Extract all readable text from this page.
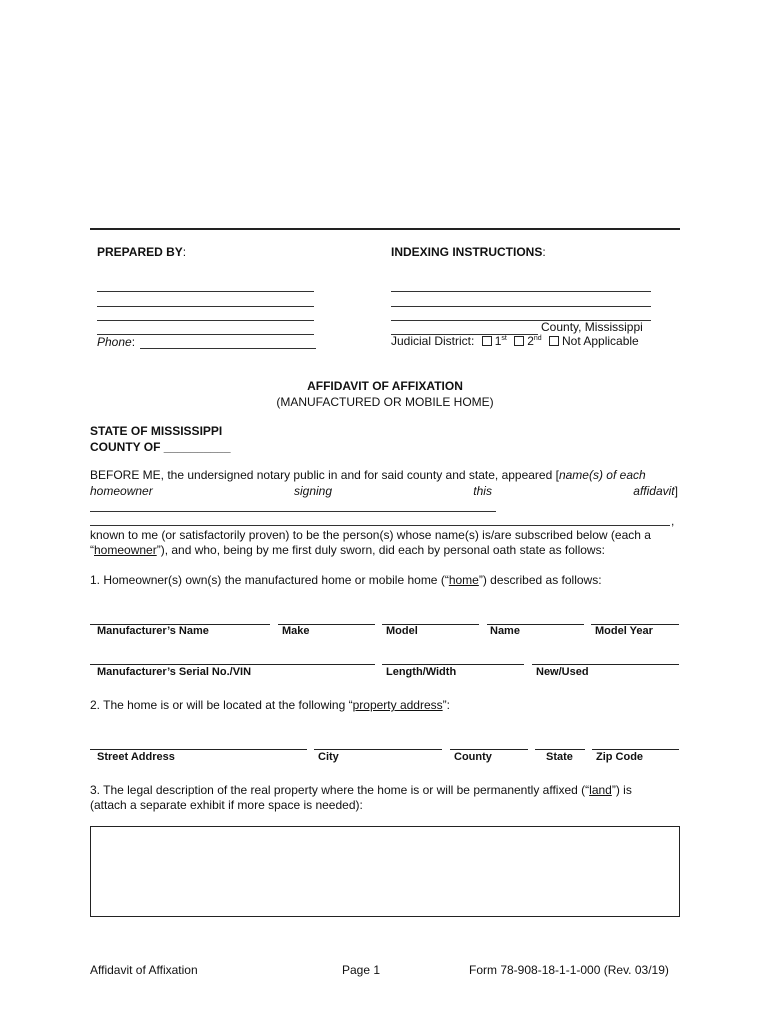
PREPARED BY:
Phone:
INDEXING INSTRUCTIONS:
County, Mississippi
Judicial District: 1st 2nd Not Applicable
AFFIDAVIT OF AFFIXATION
(MANUFACTURED OR MOBILE HOME)
STATE OF MISSISSIPPI
COUNTY OF __________
BEFORE ME, the undersigned notary public in and for said county and state, appeared [name(s) of each
homeowner	signing	this	affidavit]
,
known to me (or satisfactorily proven) to be the person(s) whose name(s) is/are subscribed below (each a
“homeowner”), and who, being by me first duly sworn, did each by personal oath state as follows:
1. Homeowner(s) own(s) the manufactured home or mobile home (“home”) described as follows:
Manufacturer’s Name	Make	Model	Name	Model Year
Manufacturer’s Serial No./VIN	Length/Width	New/Used
2. The home is or will be located at the following “property address”:
Street Address	City	County	State Zip Code
3. The legal description of the real property where the home is or will be permanently affixed (“land”) is
(attach a separate exhibit if more space is needed):
Affidavit of Affixation	Page 1	Form 78-908-18-1-1-000 (Rev. 03/19)
